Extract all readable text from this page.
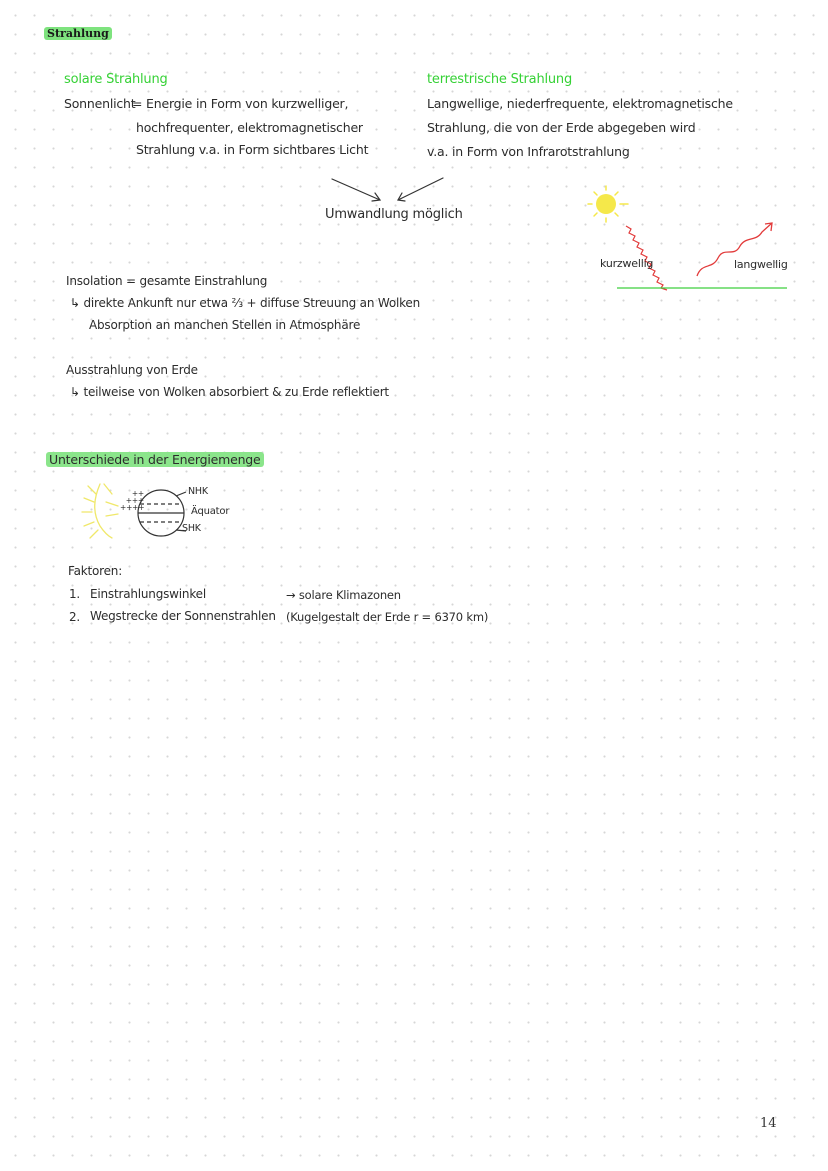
Strahlung
solare Strahlung
Sonnenlicht
= Energie in Form von kurzwelliger,
hochfrequenter, elektromagnetischer
Strahlung v.a. in Form sichtbares Licht
terrestrische Strahlung
Langwellige, niederfrequente, elektromagnetische
Strahlung, die von der Erde abgegeben wird
v.a. in Form von Infrarotstrahlung
Umwandlung möglich
kurzwellig	langwellig
Insolation = gesamte Einstrahlung
↳ direkte Ankunft nur etwa ⅔ + diffuse Streuung an Wolken
Absorption an manchen Stellen in Atmosphäre
Ausstrahlung von Erde
↳ teilweise von Wolken absorbiert & zu Erde reflektiert
Unterschiede in der Energiemenge
++ +++ ++++
NHK
Äquator
SHK
Faktoren:
1. Einstrahlungswinkel	→ solare Klimazonen
2. Wegstrecke der Sonnenstrahlen (Kugelgestalt der Erde r = 6370 km)
14
